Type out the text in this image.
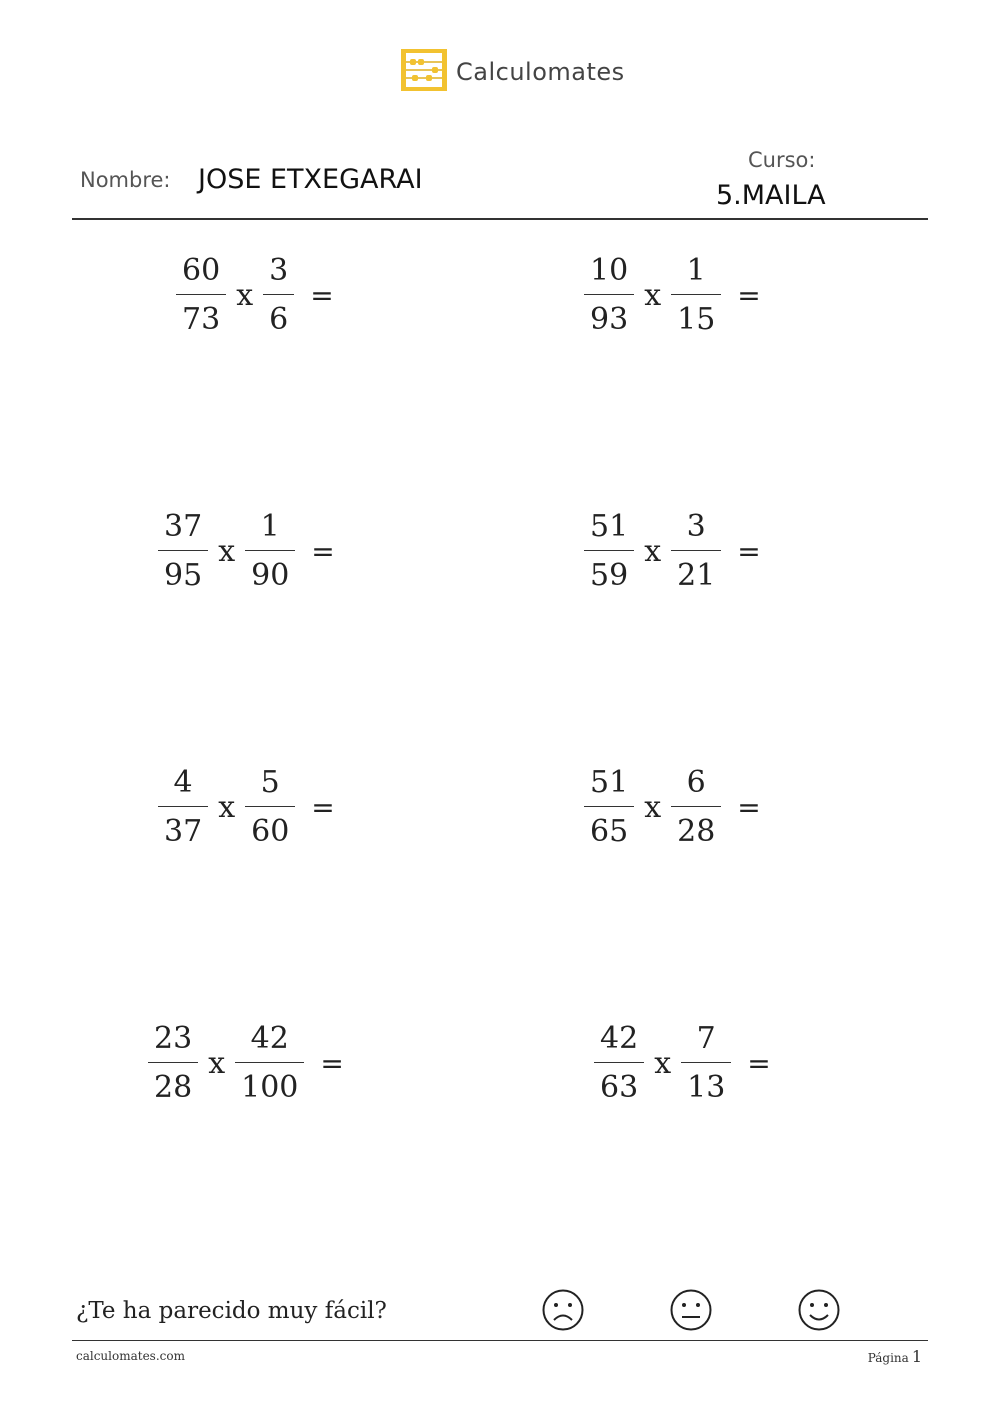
Calculomates
Nombre: JOSE ETXEGARAI
Curso:
5.MAILA
$\frac{60}{73}$ x $\frac{3}{6}$ =	$\frac{10}{93}$ x $\frac{1}{15}$ =
$\frac{37}{95}$ x $\frac{1}{90}$ =	$\frac{51}{59}$ x $\frac{3}{21}$ =
$\frac{4}{37}$ x $\frac{5}{60}$ =	$\frac{51}{65}$ x $\frac{6}{28}$ =
$\frac{23}{28}$ x $\frac{42}{100}$ =	$\frac{42}{63}$ x $\frac{7}{13}$ =
¿Te ha parecido muy fácil?
calculomates.com	Página 1
